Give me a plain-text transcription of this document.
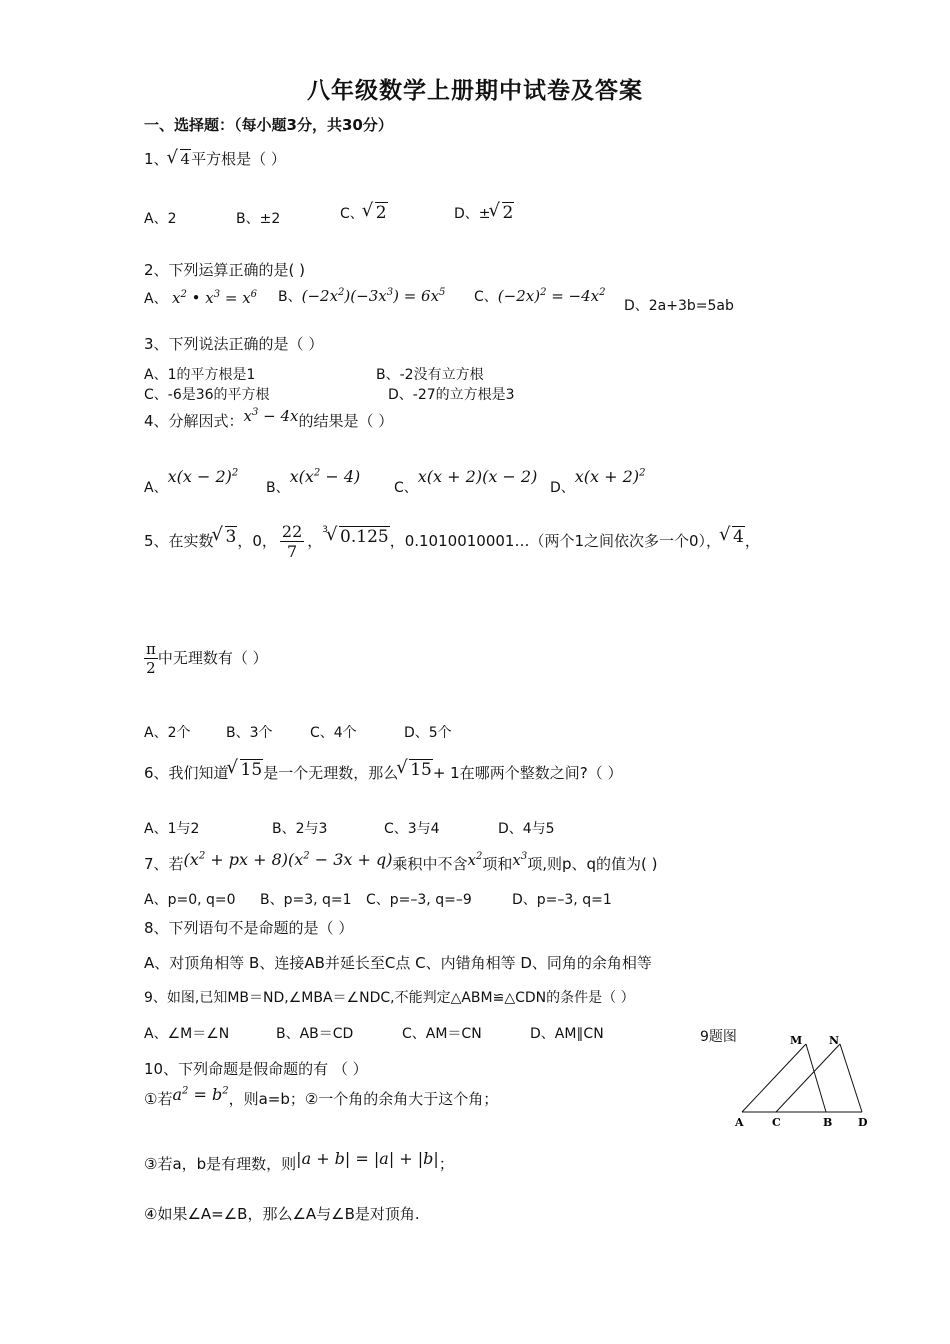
八年级数学上册期中试卷及答案
一、选择题：（每小题3分，共30分）
1、 √ 4平方根是（ ）
A、2	B、±2	C、 √ 2	D、± √ 2
2、下列运算正确的是( )
A、 $x^2$ • $x^3 = x^6$ B、$(-2x^2)(-3x^3) = 6x^5$ C、$(-2x)^2 = -4x^2$
D、2a+3b=5ab
3、下列说法正确的是（ ）
A、1的平方根是1	B、-2没有立方根
C、-6是36的平方根	D、-27的立方根是3
4、分解因式：$x^3 - 4x$的结果是（ ）
A、$x(x - 2)^2$
B、$x(x^2 - 4)$
C、x(x + 2)(x − 2)
D、$x(x + 2)^2$
5、在实数 √ 3，0， $\frac{22}{7}$ ，$^3$ √ 0.125，0.1010010001…（两个1之间依次多一个0）， √ 4，
$\frac{\pi}{2}$ 中无理数有（ ）
A、2个	B、3个	C、4个	D、5个
6、我们知道 √ 15是一个无理数，那么 √ 15+ 1在哪两个整数之间?（ ）
A、1与2	B、2与3	C、3与4	D、4与5
7、若($x^2$ + px + $8)(x^2 - 3x + q)$乘积中不含$x^2$项和$x^3$项,则p、q的值为( )
A、p=0, q=0 B、p=3, q=1 C、p=–3, q=–9	D、p=–3, q=1
8、下列语句不是命题的是（ ）
A、对顶角相等 B、连接AB并延长至C点 C、内错角相等 D、同角的余角相等
9、如图,已知MB＝ND,∠MBA＝∠NDC,不能判定△ABM≌△CDN的条件是（ ）
A、∠M＝∠N	B、AB＝CD	C、AM＝CN	D、AM∥CN	9题图	M N
A	C	B D
10、下列命题是假命题的有 （ ）
①若$a^2 = b^2$，则a=b；②一个角的余角大于这个角；
③若a，b是有理数，则|a + b| = |a| + |b|；
④如果∠A=∠B，那么∠A与∠B是对顶角.
